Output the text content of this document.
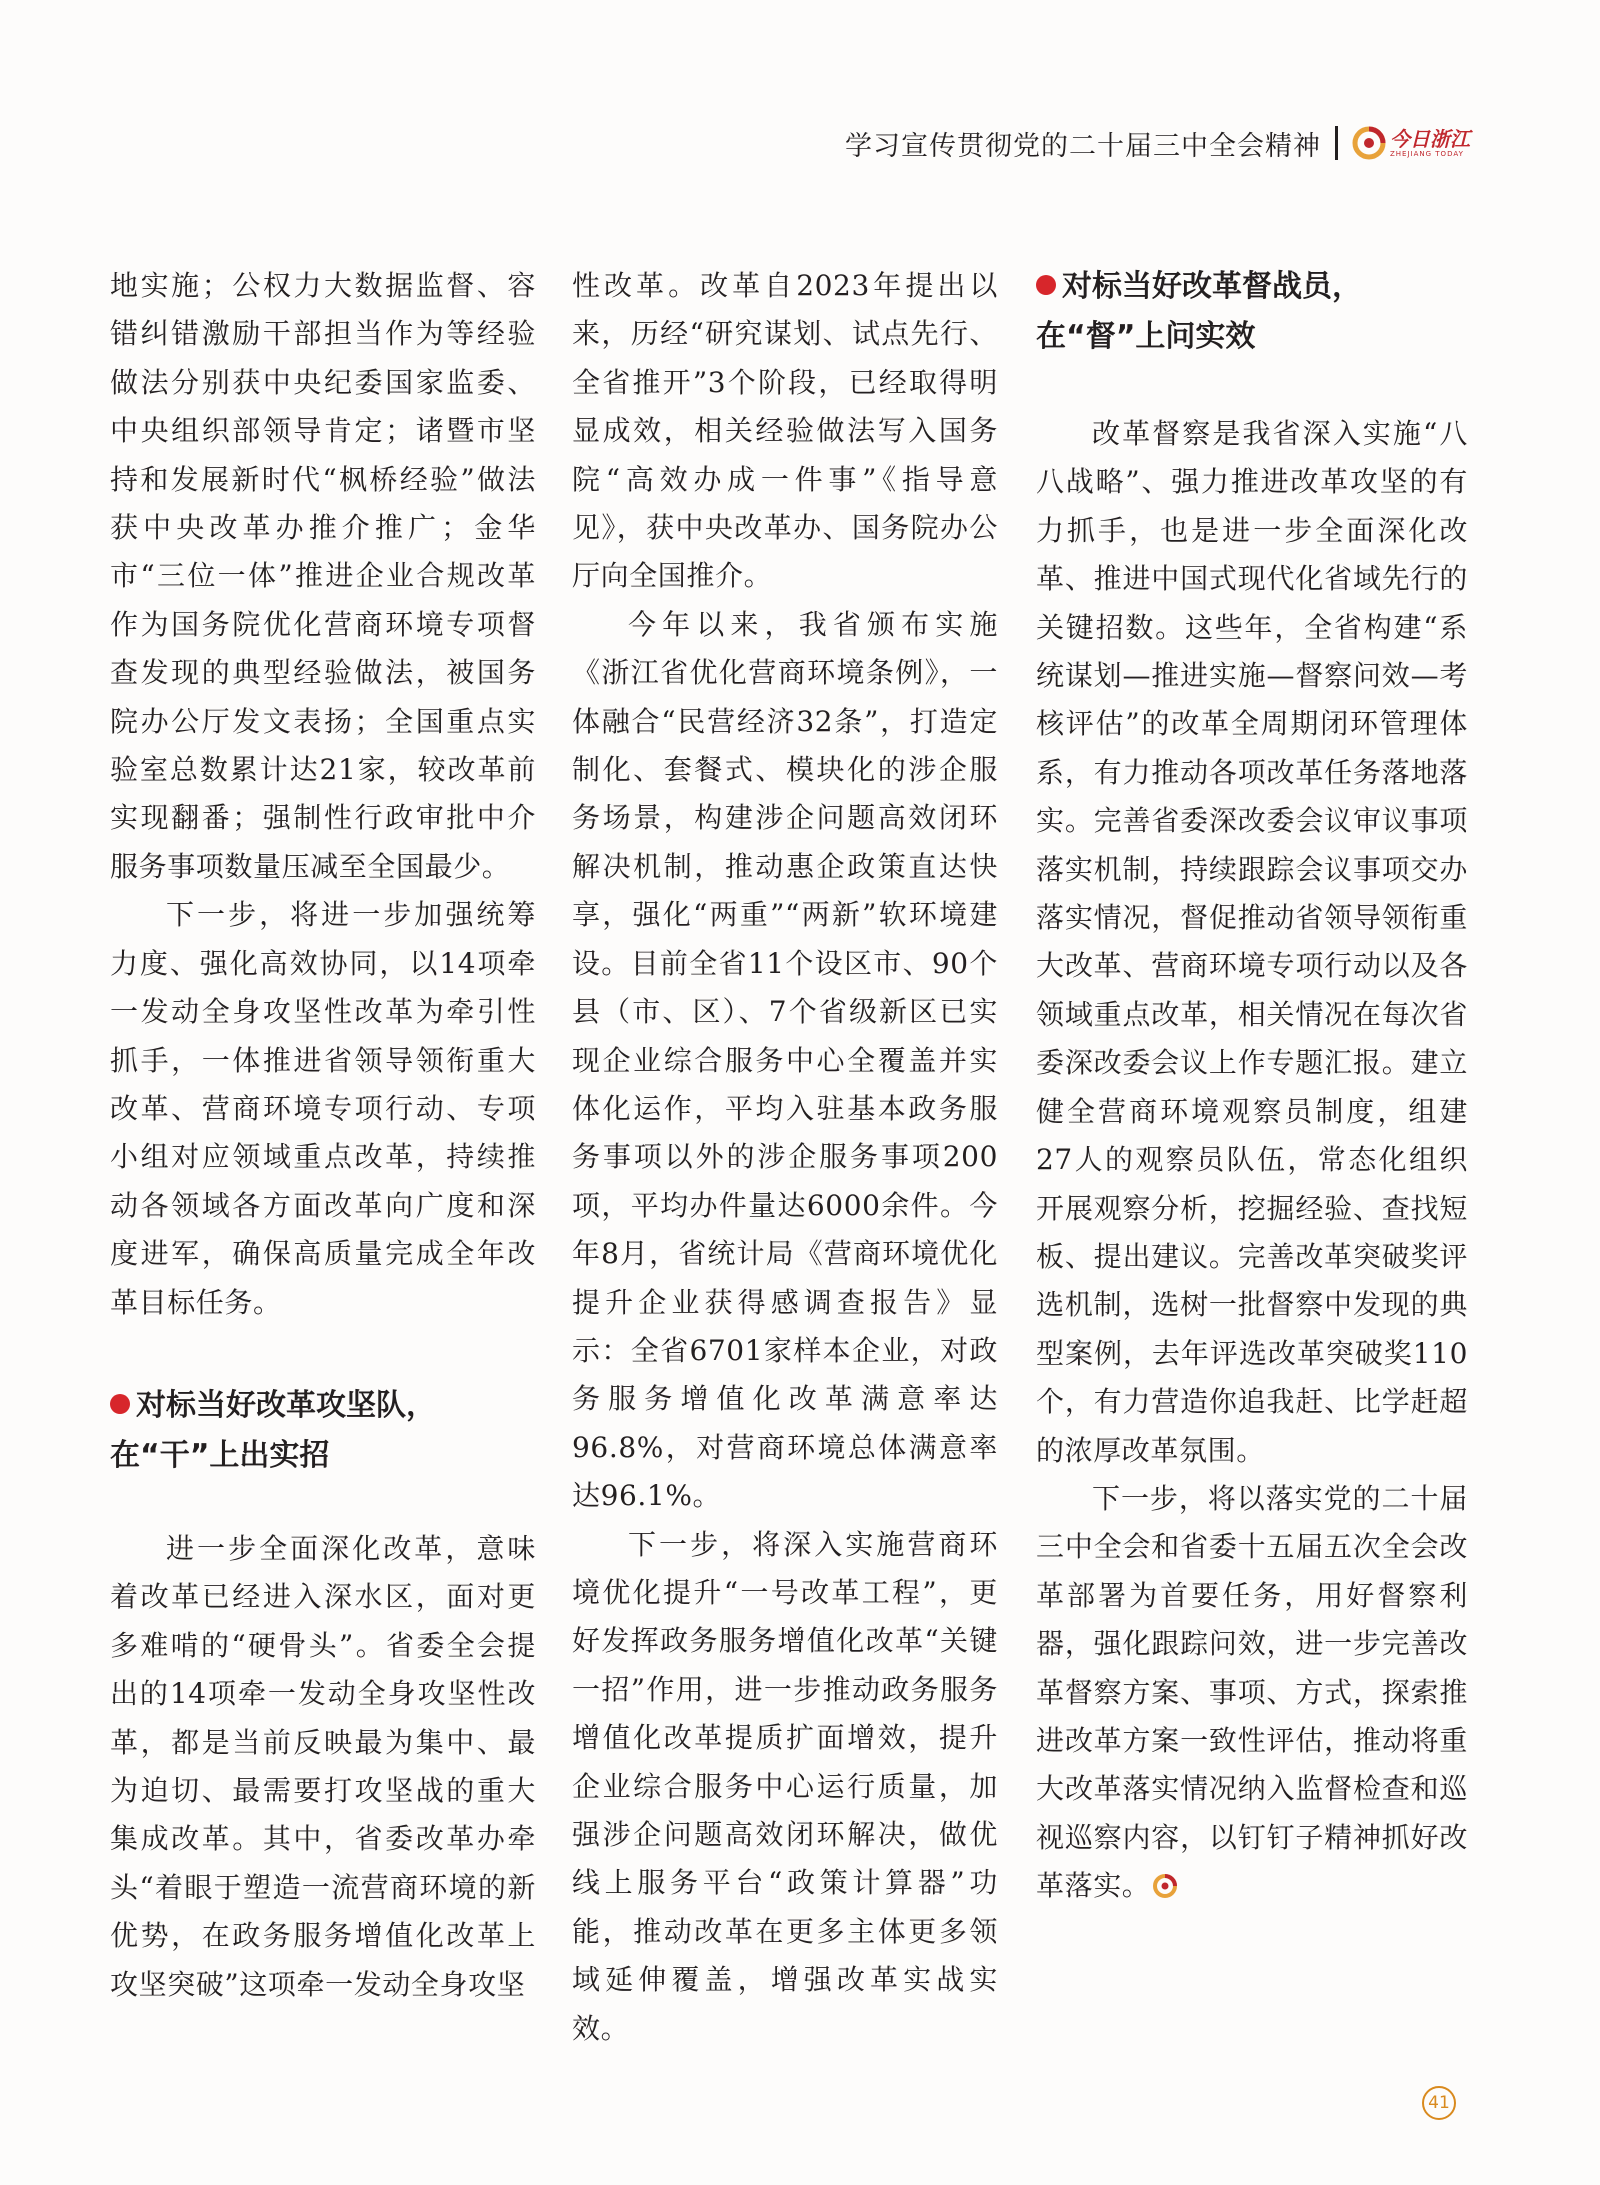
学习宣传贯彻党的二十届三中全会精神	今日浙江
ZHEJIANG TODAY

地实施；公权力大数据监督、容错纠错激励干部担当作为等经验做法分别获中央纪委国家监委、中央组织部领导肯定；诸暨市坚持和发展新时代“枫桥经验”做法获中央改革办推介推广；金华市“三位一体”推进企业合规改革作为国务院优化营商环境专项督查发现的典型经验做法，被国务院办公厅发文表扬；全国重点实验室总数累计达21家，较改革前实现翻番；强制性行政审批中介服务事项数量压减至全国最少。

下一步，将进一步加强统筹力度、强化高效协同，以14项牵一发动全身攻坚性改革为牵引性抓手，一体推进省领导领衔重大改革、营商环境专项行动、专项小组对应领域重点改革，持续推动各领域各方面改革向广度和深度进军，确保高质量完成全年改革目标任务。

对标当好改革攻坚队，
在“干”上出实招

进一步全面深化改革，意味着改革已经进入深水区，面对更多难啃的“硬骨头”。省委全会提出的14项牵一发动全身攻坚性改革，都是当前反映最为集中、最为迫切、最需要打攻坚战的重大集成改革。其中，省委改革办牵头“着眼于塑造一流营商环境的新优势，在政务服务增值化改革上攻坚突破”这项牵一发动全身攻坚

性改革。改革自2023年提出以来，历经“研究谋划、试点先行、全省推开”3个阶段，已经取得明显成效，相关经验做法写入国务院“高效办成一件事”《指导意见》，获中央改革办、国务院办公厅向全国推介。

今年以来，我省颁布实施《浙江省优化营商环境条例》，一体融合“民营经济32条”，打造定制化、套餐式、模块化的涉企服务场景，构建涉企问题高效闭环解决机制，推动惠企政策直达快享，强化“两重”“两新”软环境建设。目前全省11个设区市、90个县（市、区）、7个省级新区已实现企业综合服务中心全覆盖并实体化运作，平均入驻基本政务服务事项以外的涉企服务事项200项，平均办件量达6000余件。今年8月，省统计局《营商环境优化提升企业获得感调查报告》显示：全省6701家样本企业，对政务服务增值化改革满意率达96.8%，对营商环境总体满意率达96.1%。

下一步，将深入实施营商环境优化提升“一号改革工程”，更好发挥政务服务增值化改革“关键一招”作用，进一步推动政务服务增值化改革提质扩面增效，提升企业综合服务中心运行质量，加强涉企问题高效闭环解决，做优线上服务平台“政策计算器”功能，推动改革在更多主体更多领域延伸覆盖，增强改革实战实效。

对标当好改革督战员，
在“督”上问实效

改革督察是我省深入实施“八八战略”、强力推进改革攻坚的有力抓手，也是进一步全面深化改革、推进中国式现代化省域先行的关键招数。这些年，全省构建“系统谋划—推进实施—督察问效—考核评估”的改革全周期闭环管理体系，有力推动各项改革任务落地落实。完善省委深改委会议审议事项落实机制，持续跟踪会议事项交办落实情况，督促推动省领导领衔重大改革、营商环境专项行动以及各领域重点改革，相关情况在每次省委深改委会议上作专题汇报。建立健全营商环境观察员制度，组建27人的观察员队伍，常态化组织开展观察分析，挖掘经验、查找短板、提出建议。完善改革突破奖评选机制，选树一批督察中发现的典型案例，去年评选改革突破奖110个，有力营造你追我赶、比学赶超的浓厚改革氛围。

下一步，将以落实党的二十届三中全会和省委十五届五次全会改革部署为首要任务，用好督察利器，强化跟踪问效，进一步完善改革督察方案、事项、方式，探索推进改革方案一致性评估，推动将重大改革落实情况纳入监督检查和巡视巡察内容，以钉钉子精神抓好改革落实。

41
